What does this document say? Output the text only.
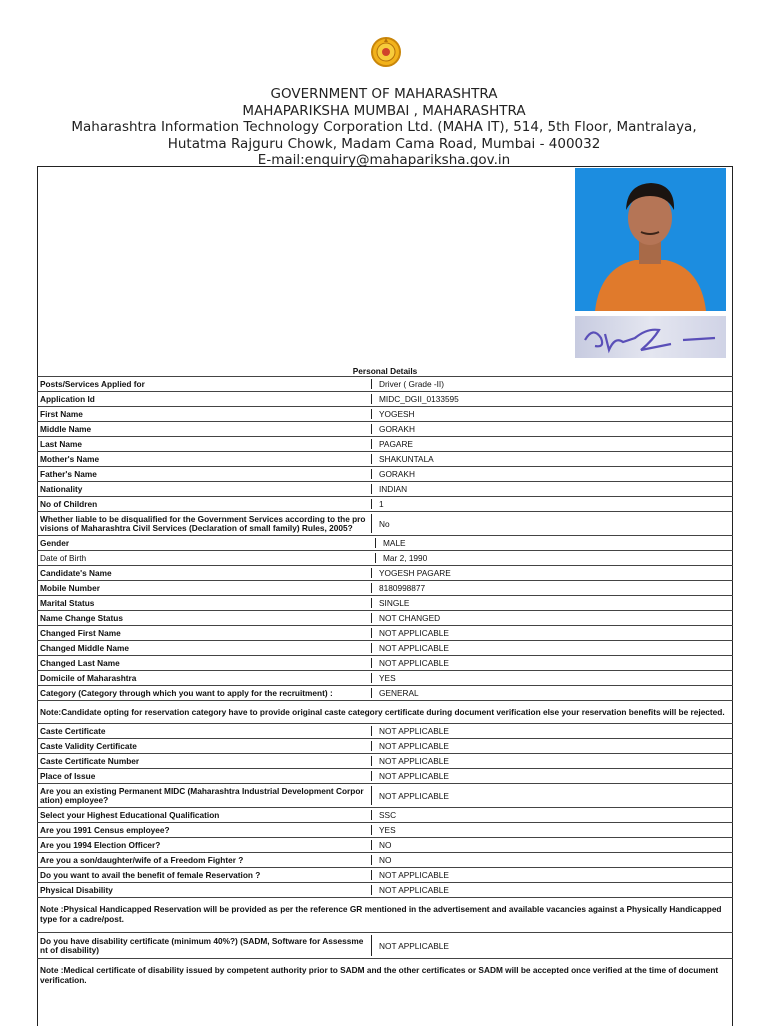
GOVERNMENT OF MAHARASHTRA
MAHAPARIKSHA MUMBAI , MAHARASHTRA
Maharashtra Information Technology Corporation Ltd. (MAHA IT), 514, 5th Floor, Mantralaya,
Hutatma Rajguru Chowk, Madam Cama Road, Mumbai - 400032
E-mail:enquiry@mahapariksha.gov.in
Personal Details
Posts/Services Applied for	Driver ( Grade -II)
Application Id	MIDC_DGII_0133595
First Name	YOGESH
Middle Name	GORAKH
Last Name	PAGARE
Mother's Name	SHAKUNTALA
Father's Name	GORAKH
Nationality	INDIAN
No of Children	1
Whether liable to be disqualified for the Government Services according to the pro visions of Maharashtra Civil Services (Declaration of small family) Rules, 2005?	No
Gender	MALE
Date of Birth	Mar 2, 1990
Candidate's Name	YOGESH PAGARE
Mobile Number	8180998877
Marital Status	SINGLE
Name Change Status	NOT CHANGED
Changed First Name	NOT APPLICABLE
Changed Middle Name	NOT APPLICABLE
Changed Last Name	NOT APPLICABLE
Domicile of Maharashtra	YES
Category (Category through which you want to apply for the recruitment) :	GENERAL
Note:Candidate opting for reservation category have to provide original caste category certificate during document verification else your reservation benefits will be rejected.
Caste Certificate	NOT APPLICABLE
Caste Validity Certificate	NOT APPLICABLE
Caste Certificate Number	NOT APPLICABLE
Place of Issue	NOT APPLICABLE
Are you an existing Permanent MIDC (Maharashtra Industrial Development Corpor ation) employee?	NOT APPLICABLE
Select your Highest Educational Qualification	SSC
Are you 1991 Census employee?	YES
Are you 1994 Election Officer?	NO
Are you a son/daughter/wife of a Freedom Fighter ?	NO
Do you want to avail the benefit of female Reservation ?	NOT APPLICABLE
Physical Disability	NOT APPLICABLE
Note :Physical Handicapped Reservation will be provided as per the reference GR mentioned in the advertisement and available vacancies against a Physically Handicapped type for a cadre/post.
Do you have disability certificate (minimum 40%?) (SADM, Software for Assessme nt of disability)	NOT APPLICABLE
Note :Medical certificate of disability issued by competent authority prior to SADM and the other certificates or SADM will be accepted once verified at the time of document verification.
